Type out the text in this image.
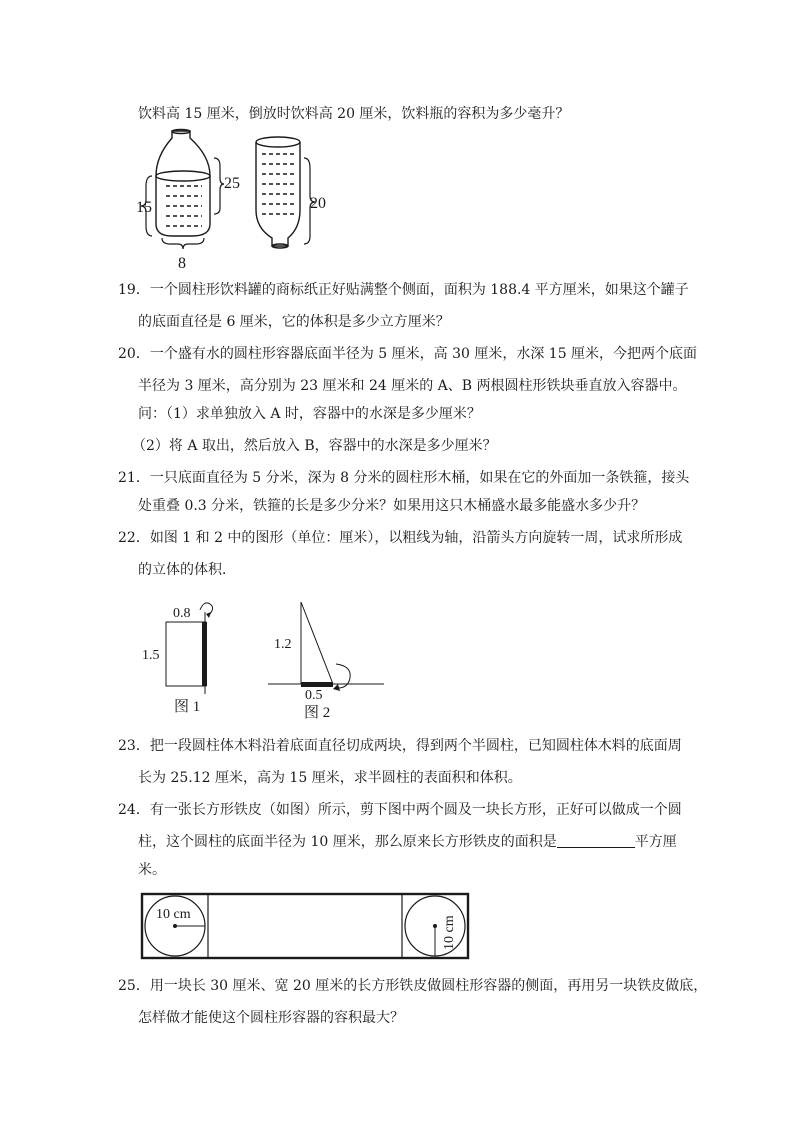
饮料高 15 厘米，倒放时饮料高 20 厘米，饮料瓶的容积为多少毫升？
25
15
8
20
19．一个圆柱形饮料罐的商标纸正好贴满整个侧面，面积为 188.4 平方厘米，如果这个罐子
的底面直径是 6 厘米，它的体积是多少立方厘米？
20．一个盛有水的圆柱形容器底面半径为 5 厘米，高 30 厘米，水深 15 厘米，今把两个底面
半径为 3 厘米，高分别为 23 厘米和 24 厘米的 A、B 两根圆柱形铁块垂直放入容器中。
问：（1）求单独放入 A 时，容器中的水深是多少厘米？
（2）将 A 取出，然后放入 B，容器中的水深是多少厘米？
21．一只底面直径为 5 分米，深为 8 分米的圆柱形木桶，如果在它的外面加一条铁箍，接头
处重叠 0.3 分米，铁箍的长是多少分米？如果用这只木桶盛水最多能盛水多少升？
22．如图 1 和 2 中的图形（单位：厘米），以粗线为轴，沿箭头方向旋转一周，试求所形成
的立体的体积．
0.8
1.5
图 1
1.2
0.5
图 2
23．把一段圆柱体木料沿着底面直径切成两块，得到两个半圆柱，已知圆柱体木料的底面周
长为 25.12 厘米，高为 15 厘米，求半圆柱的表面积和体积。
24．有一张长方形铁皮（如图）所示，剪下图中两个圆及一块长方形，正好可以做成一个圆
柱，这个圆柱的底面半径为 10 厘米，那么原来长方形铁皮的面积是	平方厘
米。
10 cm
10 cm
25．用一块长 30 厘米、宽 20 厘米的长方形铁皮做圆柱形容器的侧面，再用另一块铁皮做底，
怎样做才能使这个圆柱形容器的容积最大？
